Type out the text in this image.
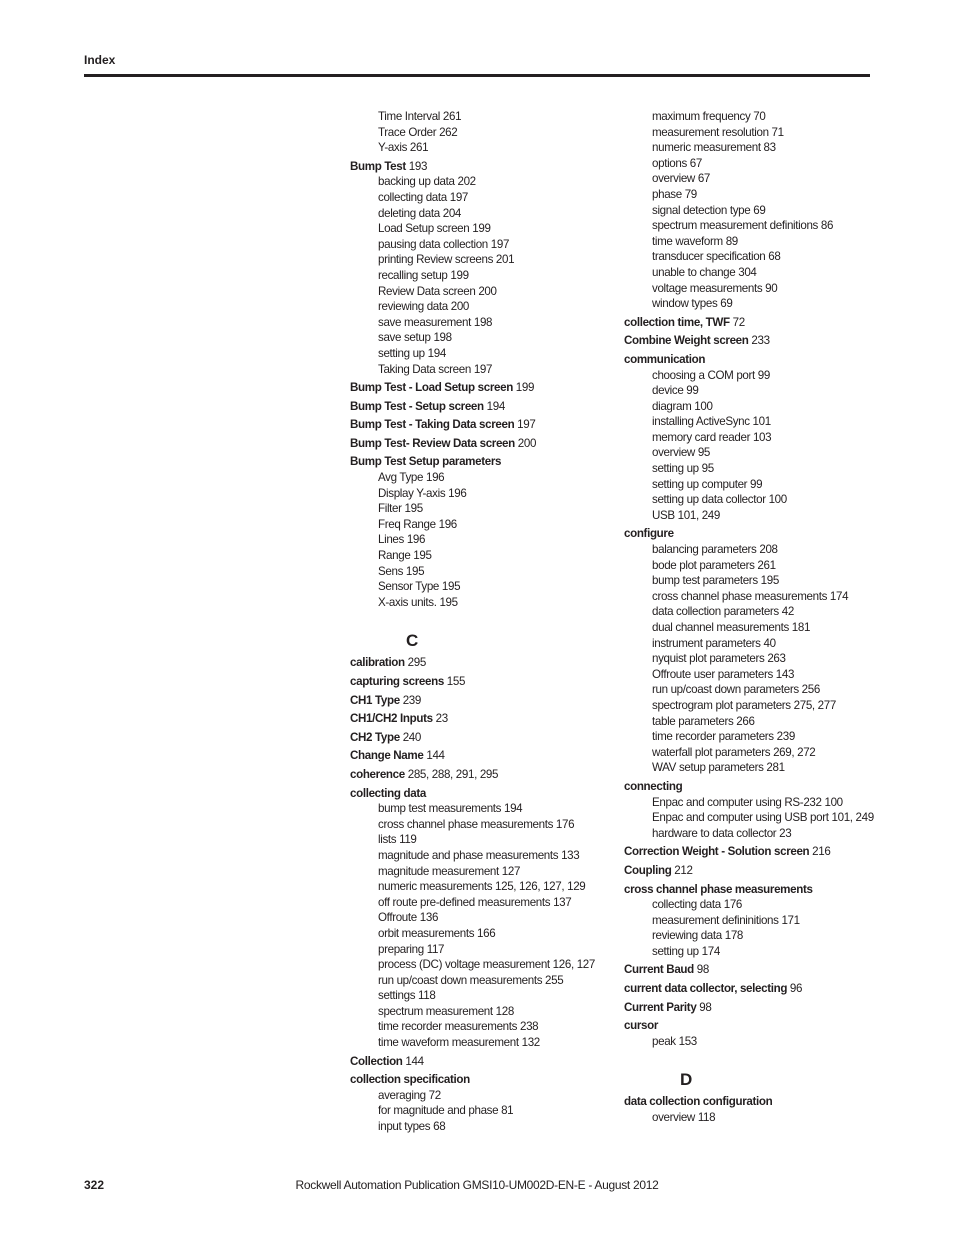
Index
Time Interval 261
Trace Order 262
Y-axis 261
Bump Test 193
backing up data 202
collecting data 197
deleting data 204
Load Setup screen 199
pausing data collection 197
printing Review screens 201
recalling setup 199
Review Data screen 200
reviewing data 200
save measurement 198
save setup 198
setting up 194
Taking Data screen 197
Bump Test - Load Setup screen 199
Bump Test - Setup screen 194
Bump Test - Taking Data screen 197
Bump Test- Review Data screen 200
Bump Test Setup parameters
Avg Type 196
Display Y-axis 196
Filter 195
Freq Range 196
Lines 196
Range 195
Sens 195
Sensor Type 195
X-axis units. 195
C
calibration 295
capturing screens 155
CH1 Type 239
CH1/CH2 Inputs 23
CH2 Type 240
Change Name 144
coherence 285, 288, 291, 295
collecting data
bump test measurements 194
cross channel phase measurements 176
lists 119
magnitude and phase measurements 133
magnitude measurement 127
numeric measurements 125, 126, 127, 129
off route pre-defined measurements 137
Offroute 136
orbit measurements 166
preparing 117
process (DC) voltage measurement 126, 127
run up/coast down measurements 255
settings 118
spectrum measurement 128
time recorder measurements 238
time waveform measurement 132
Collection 144
collection specification
averaging 72
for magnitude and phase 81
input types 68
maximum frequency 70
measurement resolution 71
numeric measurement 83
options 67
overview 67
phase 79
signal detection type 69
spectrum measurement definitions 86
time waveform 89
transducer specification 68
unable to change 304
voltage measurements 90
window types 69
collection time, TWF 72
Combine Weight screen 233
communication
choosing a COM port 99
device 99
diagram 100
installing ActiveSync 101
memory card reader 103
overview 95
setting up 95
setting up computer 99
setting up data collector 100
USB 101, 249
configure
balancing parameters 208
bode plot parameters 261
bump test parameters 195
cross channel phase measurements 174
data collection parameters 42
dual channel measurements 181
instrument parameters 40
nyquist plot parameters 263
Offroute user parameters 143
run up/coast down parameters 256
spectrogram plot parameters 275, 277
table parameters 266
time recorder parameters 239
waterfall plot parameters 269, 272
WAV setup parameters 281
connecting
Enpac and computer using RS-232 100
Enpac and computer using USB port 101, 249
hardware to data collector 23
Correction Weight - Solution screen 216
Coupling 212
cross channel phase measurements
collecting data 176
measurement defininitions 171
reviewing data 178
setting up 174
Current Baud 98
current data collector, selecting 96
Current Parity 98
cursor
peak 153
D
data collection configuration
overview 118
322	Rockwell Automation Publication GMSI10-UM002D-EN-E - August 2012
